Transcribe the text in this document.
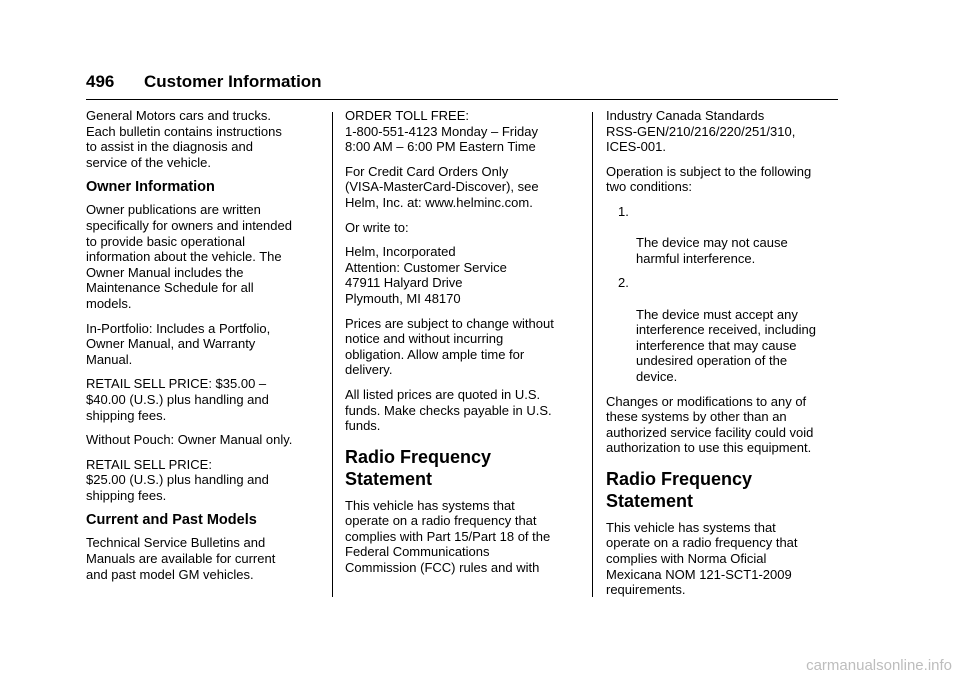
496 Customer Information

General Motors cars and trucks.
Each bulletin contains instructions
to assist in the diagnosis and
service of the vehicle.

Owner Information

Owner publications are written
specifically for owners and intended
to provide basic operational
information about the vehicle. The
Owner Manual includes the
Maintenance Schedule for all
models.

In-Portfolio: Includes a Portfolio,
Owner Manual, and Warranty
Manual.

RETAIL SELL PRICE: $35.00 –
$40.00 (U.S.) plus handling and
shipping fees.

Without Pouch: Owner Manual only.

RETAIL SELL PRICE:
$25.00 (U.S.) plus handling and
shipping fees.

Current and Past Models

Technical Service Bulletins and
Manuals are available for current
and past model GM vehicles.

ORDER TOLL FREE:
1-800-551-4123 Monday – Friday
8:00 AM – 6:00 PM Eastern Time

For Credit Card Orders Only
(VISA-MasterCard-Discover), see
Helm, Inc. at: www.helminc.com.

Or write to:

Helm, Incorporated
Attention: Customer Service
47911 Halyard Drive
Plymouth, MI 48170

Prices are subject to change without
notice and without incurring
obligation. Allow ample time for
delivery.

All listed prices are quoted in U.S.
funds. Make checks payable in U.S.
funds.

Radio Frequency
Statement

This vehicle has systems that
operate on a radio frequency that
complies with Part 15/Part 18 of the
Federal Communications
Commission (FCC) rules and with

Industry Canada Standards
RSS-GEN/210/216/220/251/310,
ICES-001.

Operation is subject to the following
two conditions:

1.

The device may not cause
harmful interference.

2.

The device must accept any
interference received, including
interference that may cause
undesired operation of the
device.

Changes or modifications to any of
these systems by other than an
authorized service facility could void
authorization to use this equipment.

Radio Frequency
Statement

This vehicle has systems that
operate on a radio frequency that
complies with Norma Oficial
Mexicana NOM 121-SCT1-2009
requirements.

carmanualsonline.info
